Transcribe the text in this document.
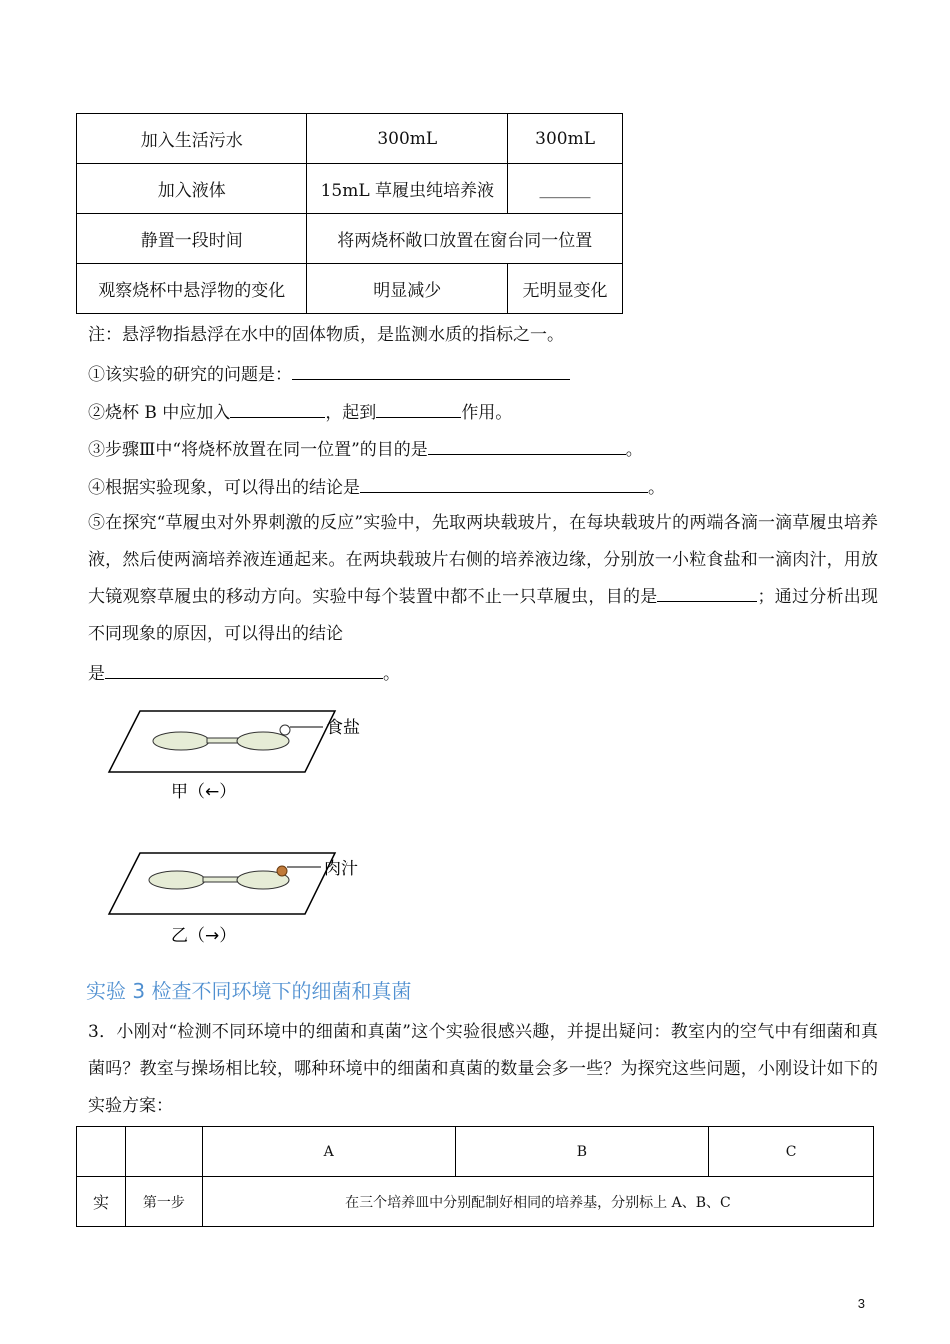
加入生活污水	300mL	300mL
加入液体	15mL 草履虫纯培养液	______
静置一段时间	将两烧杯敞口放置在窗台同一位置	
观察烧杯中悬浮物的变化	明显减少	无明显变化
注：悬浮物指悬浮在水中的固体物质，是监测水质的指标之一。
①该实验的研究的问题是：
②烧杯 B 中应加入	，起到	作用。
③步骤Ⅲ中“将烧杯放置在同一位置”的目的是	。
④根据实验现象，可以得出的结论是	。
⑤在探究“草履虫对外界刺激的反应”实验中，先取两块载玻片，在每块载玻片的两端各滴一滴草履虫培养液，然后使两滴培养液连通起来。在两块载玻片右侧的培养液边缘，分别放一小粒食盐和一滴肉汁，用放大镜观察草履虫的移动方向。实验中每个装置中都不止一只草履虫，目的是	；通过分析出现不同现象的原因，可以得出的结论
是	。
食盐
甲（←）
肉汁
乙（→）
实验 3 检查不同环境下的细菌和真菌
3．小刚对“检测不同环境中的细菌和真菌”这个实验很感兴趣，并提出疑问：教室内的空气中有细菌和真菌吗？教室与操场相比较，哪种环境中的细菌和真菌的数量会多一些？为探究这些问题，小刚设计如下的实验方案：
		A	B	C
实	第一步	在三个培养皿中分别配制好相同的培养基，分别标上 A、B、C		
3
